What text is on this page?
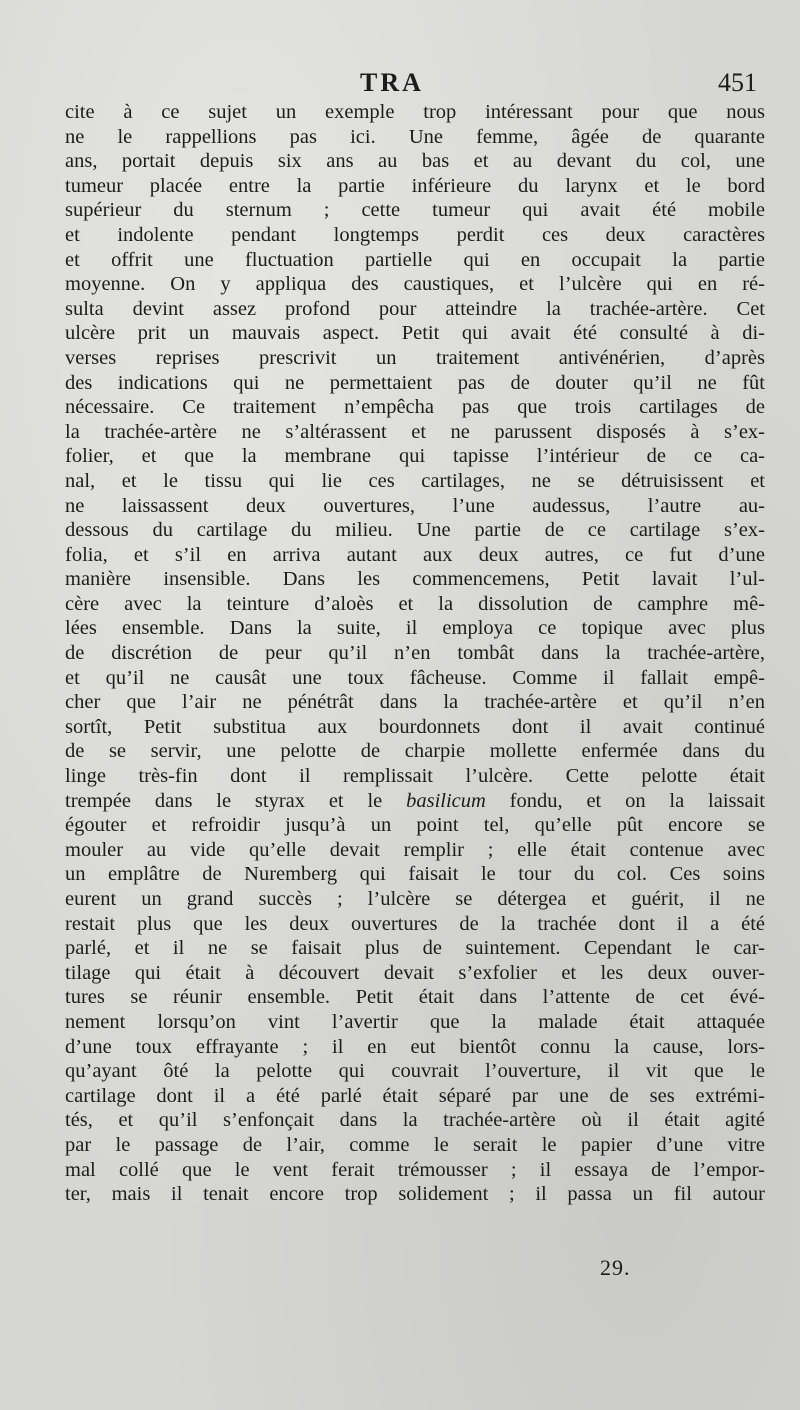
TRA	451
cite à ce sujet un exemple trop intéressant pour que nous
ne le rappellions pas ici. Une femme, âgée de quarante
ans, portait depuis six ans au bas et au devant du col, une
tumeur placée entre la partie inférieure du larynx et le bord
supérieur du sternum ; cette tumeur qui avait été mobile
et indolente pendant longtemps perdit ces deux caractères
et offrit une fluctuation partielle qui en occupait la partie
moyenne. On y appliqua des caustiques, et l’ulcère qui en ré-
sulta devint assez profond pour atteindre la trachée-artère. Cet
ulcère prit un mauvais aspect. Petit qui avait été consulté à di-
verses reprises prescrivit un traitement antivénérien, d’après
des indications qui ne permettaient pas de douter qu’il ne fût
nécessaire. Ce traitement n’empêcha pas que trois cartilages de
la trachée-artère ne s’altérassent et ne parussent disposés à s’ex-
folier, et que la membrane qui tapisse l’intérieur de ce ca-
nal, et le tissu qui lie ces cartilages, ne se détruisissent et
ne laissassent deux ouvertures, l’une audessus, l’autre au-
dessous du cartilage du milieu. Une partie de ce cartilage s’ex-
folia, et s’il en arriva autant aux deux autres, ce fut d’une
manière insensible. Dans les commencemens, Petit lavait l’ul-
cère avec la teinture d’aloès et la dissolution de camphre mê-
lées ensemble. Dans la suite, il employa ce topique avec plus
de discrétion de peur qu’il n’en tombât dans la trachée-artère,
et qu’il ne causât une toux fâcheuse. Comme il fallait empê-
cher que l’air ne pénétrât dans la trachée-artère et qu’il n’en
sortît, Petit substitua aux bourdonnets dont il avait continué
de se servir, une pelotte de charpie mollette enfermée dans du
linge très-fin dont il remplissait l’ulcère. Cette pelotte était
trempée dans le styrax et le basilicum fondu, et on la laissait
égouter et refroidir jusqu’à un point tel, qu’elle pût encore se
mouler au vide qu’elle devait remplir ; elle était contenue avec
un emplâtre de Nuremberg qui faisait le tour du col. Ces soins
eurent un grand succès ; l’ulcère se détergea et guérit, il ne
restait plus que les deux ouvertures de la trachée dont il a été
parlé, et il ne se faisait plus de suintement. Cependant le car-
tilage qui était à découvert devait s’exfolier et les deux ouver-
tures se réunir ensemble. Petit était dans l’attente de cet évé-
nement lorsqu’on vint l’avertir que la malade était attaquée
d’une toux effrayante ; il en eut bientôt connu la cause, lors-
qu’ayant ôté la pelotte qui couvrait l’ouverture, il vit que le
cartilage dont il a été parlé était séparé par une de ses extrémi-
tés, et qu’il s’enfonçait dans la trachée-artère où il était agité
par le passage de l’air, comme le serait le papier d’une vitre
mal collé que le vent ferait trémousser ; il essaya de l’empor-
ter, mais il tenait encore trop solidement ; il passa un fil autour
29.
